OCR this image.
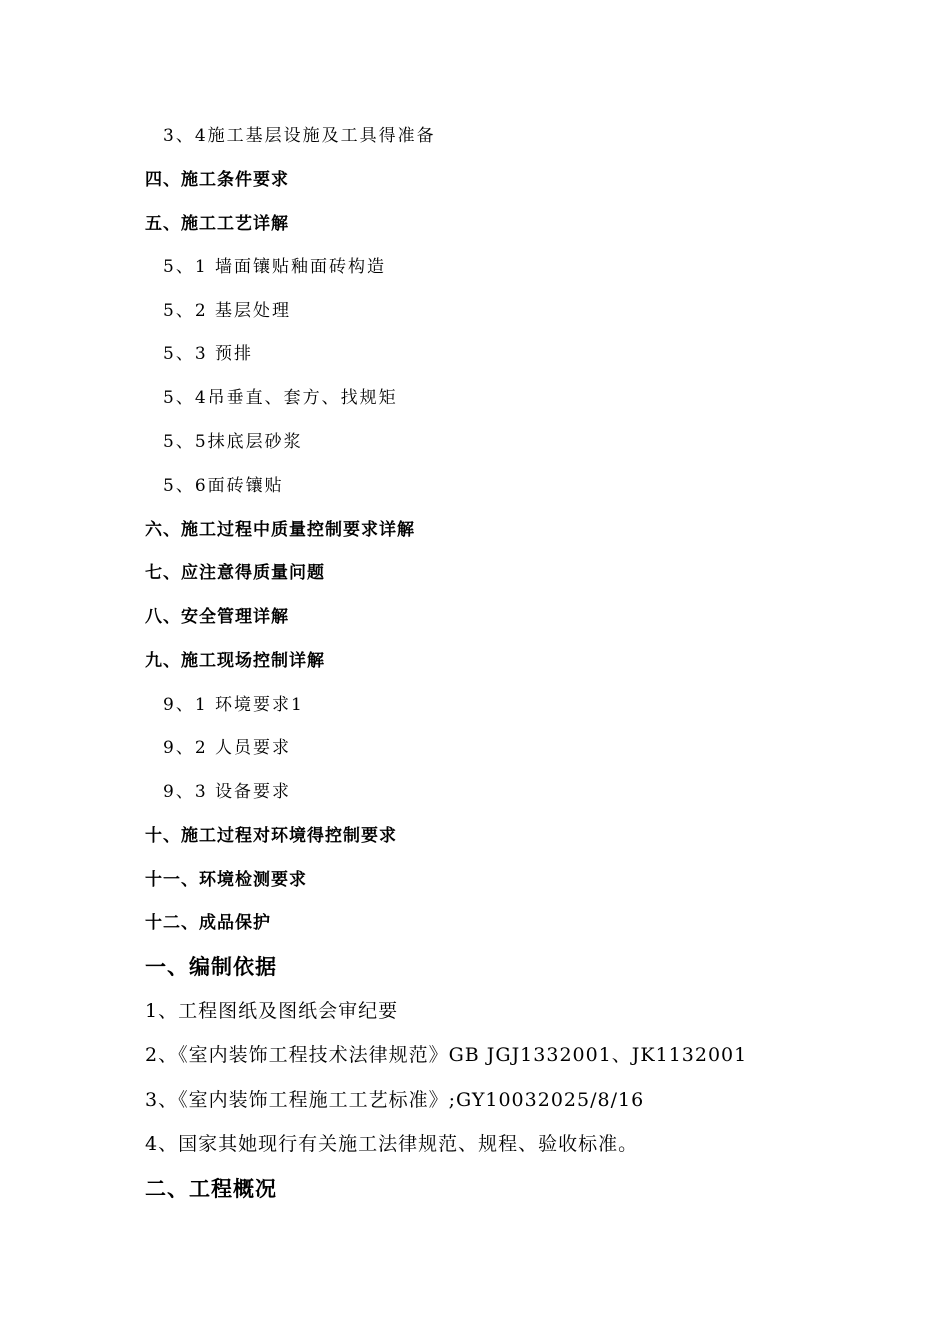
3、4施工基层设施及工具得准备
四、施工条件要求
五、施工工艺详解
5、1 墙面镶贴釉面砖构造
5、2 基层处理
5、3 预排
5、4吊垂直、套方、找规矩
5、5抹底层砂浆
5、6面砖镶贴
六、施工过程中质量控制要求详解
七、应注意得质量问题
八、安全管理详解
九、施工现场控制详解
9、1 环境要求1
9、2 人员要求
9、3 设备要求
十、施工过程对环境得控制要求
十一、环境检测要求
十二、成品保护
一、编制依据
1、工程图纸及图纸会审纪要
2、《室内装饰工程技术法律规范》GB JGJ1332001、JK1132001
3、《室内装饰工程施工工艺标准》;GY10032025/8/16
4、国家其她现行有关施工法律规范、规程、验收标准。
二、工程概况
